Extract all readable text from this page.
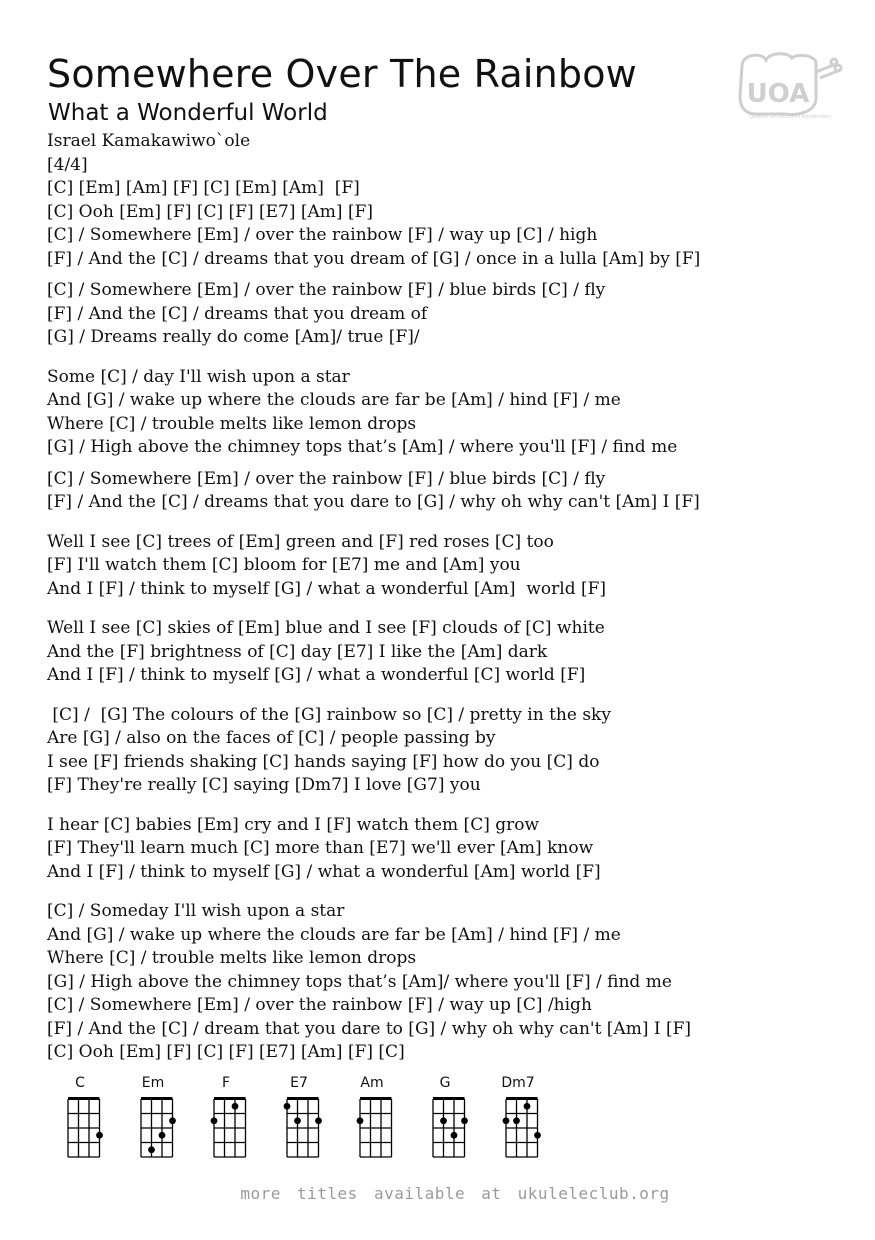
Somewhere Over The Rainbow
What a Wonderful World
UOA
Ukulele Orchestra of Amsterdam
Israel Kamakawiwo`ole
[4/4]
[C] [Em] [Am] [F] [C] [Em] [Am]  [F]
[C] Ooh [Em] [F] [C] [F] [E7] [Am] [F]
[C] / Somewhere [Em] / over the rainbow [F] / way up [C] / high
[F] / And the [C] / dreams that you dream of [G] / once in a lulla [Am] by [F]
[C] / Somewhere [Em] / over the rainbow [F] / blue birds [C] / fly
[F] / And the [C] / dreams that you dream of
[G] / Dreams really do come [Am]/ true [F]/
Some [C] / day I'll wish upon a star
And [G] / wake up where the clouds are far be [Am] / hind [F] / me
Where [C] / trouble melts like lemon drops
[G] / High above the chimney tops that’s [Am] / where you'll [F] / find me
[C] / Somewhere [Em] / over the rainbow [F] / blue birds [C] / fly
[F] / And the [C] / dreams that you dare to [G] / why oh why can't [Am] I [F]
Well I see [C] trees of [Em] green and [F] red roses [C] too
[F] I'll watch them [C] bloom for [E7] me and [Am] you
And I [F] / think to myself [G] / what a wonderful [Am]  world [F]
Well I see [C] skies of [Em] blue and I see [F] clouds of [C] white
And the [F] brightness of [C] day [E7] I like the [Am] dark
And I [F] / think to myself [G] / what a wonderful [C] world [F]
[C] /  [G] The colours of the [G] rainbow so [C] / pretty in the sky
Are [G] / also on the faces of [C] / people passing by
I see [F] friends shaking [C] hands saying [F] how do you [C] do
[F] They're really [C] saying [Dm7] I love [G7] you
I hear [C] babies [Em] cry and I [F] watch them [C] grow
[F] They'll learn much [C] more than [E7] we'll ever [Am] know
And I [F] / think to myself [G] / what a wonderful [Am] world [F]
[C] / Someday I'll wish upon a star
And [G] / wake up where the clouds are far be [Am] / hind [F] / me
Where [C] / trouble melts like lemon drops
[G] / High above the chimney tops that’s [Am]/ where you'll [F] / find me
[C] / Somewhere [Em] / over the rainbow [F] / way up [C] /high
[F] / And the [C] / dream that you dare to [G] / why oh why can't [Am] I [F]
[C] Ooh [Em] [F] [C] [F] [E7] [Am] [F] [C]
C	Em	F	E7	Am	G	Dm7
more titles available at ukuleleclub.org
